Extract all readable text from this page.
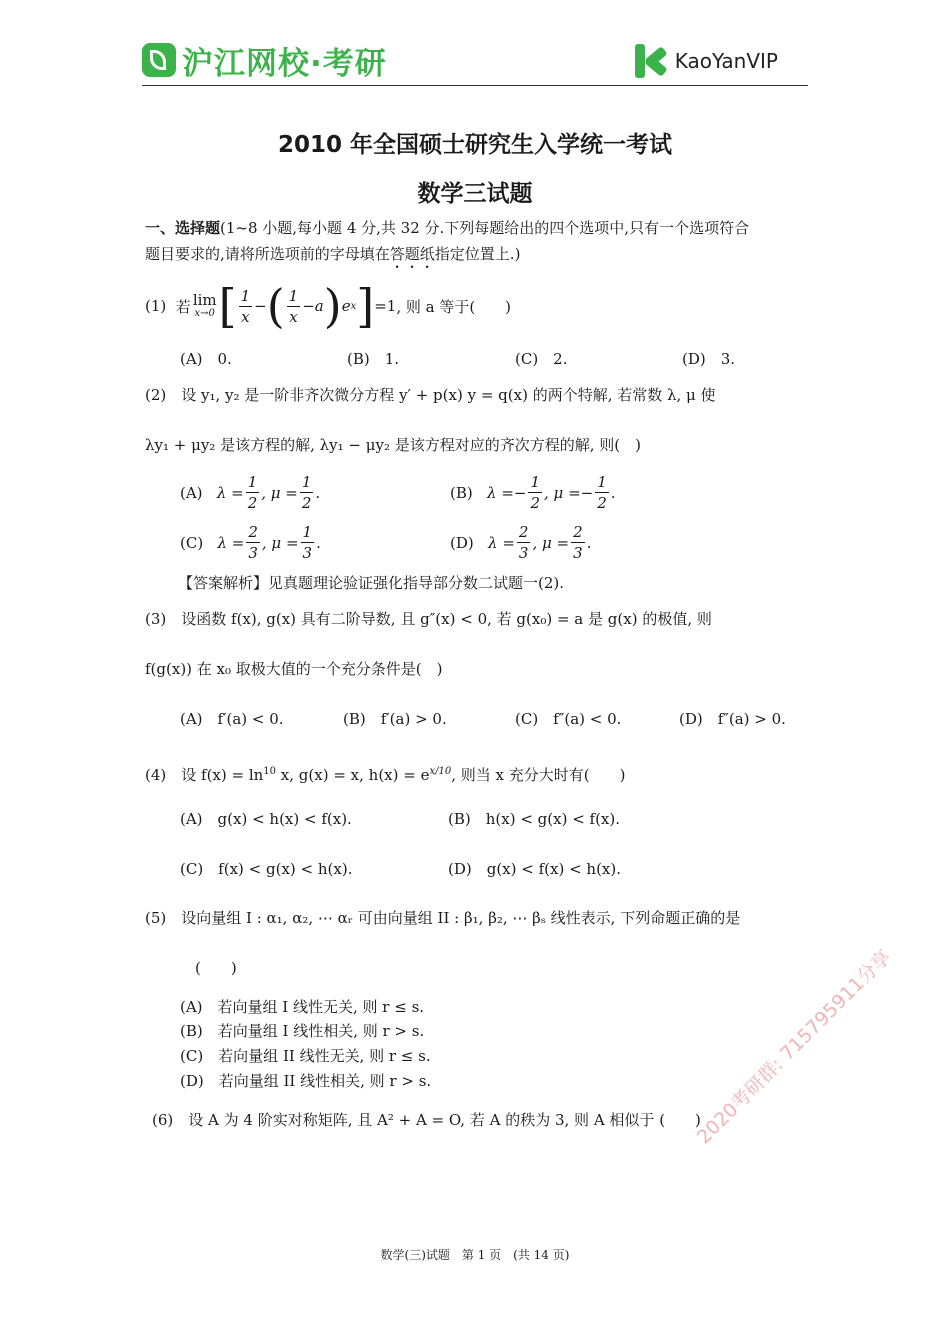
沪江网校·考研	KaoYanVIP
2010 年全国硕士研究生入学统一考试
数学三试题
一、选择题(1~8 小题,每小题 4 分,共 32 分.下列每题给出的四个选项中,只有一个选项符合
题目要求的,请将所选项前的字母填在答题纸指定位置上.)
(1)
若 lim
x→0 [ $\frac{1}{x}$ − ( $\frac{1}{x} - a$ ) e x ] =1 , 则 a 等于(　　)
(A)　0.	(B)　1.	(C)　2.	(D)　3.
(2)　设 y₁, y₂ 是一阶非齐次微分方程 y′ + p(x) y = q(x) 的两个特解, 若常数 λ, μ 使
λy₁ + μy₂ 是该方程的解, λy₁ − μy₂ 是该方程对应的齐次方程的解, 则(　)
(A)
$\lambda = \frac{1}{2}$ , $\mu = \frac{1}{2}$ .	(B)
λ = − $\frac{1}{2}$ , μ = − $\frac{1}{2}$ .
(C)
$\lambda = \frac{2}{3}$ , $\mu = \frac{1}{3}$ .	(D)
$\lambda = \frac{2}{3}$ , $\mu = \frac{2}{3}$ .
【答案解析】见真题理论验证强化指导部分数二试题一(2).
(3)　设函数 f(x), g(x) 具有二阶导数, 且 g″(x) < 0, 若 g(x₀) = a 是 g(x) 的极值, 则
f(g(x)) 在 x₀ 取极大值的一个充分条件是(　)
(A)　f′(a) < 0.	(B)　f′(a) > 0.	(C)　f″(a) < 0.	(D)　f″(a) > 0.
(4)　设 $f(x) = \ln^{10} x$, g(x) = x, $h(x) = e^{x/10}$, 则当 x 充分大时有(　　)
(A)　g(x) < h(x) < f(x).	(B)　h(x) < g(x) < f(x).
(C)　f(x) < g(x) < h(x).	(D)　g(x) < f(x) < h(x).
(5)　设向量组 I : α₁, α₂, ⋯ αᵣ 可由向量组 II : β₁, β₂, ⋯ βₛ 线性表示, 下列命题正确的是
(　　)
(A)　若向量组 I 线性无关, 则 r ≤ s.
(B)　若向量组 I 线性相关, 则 r > s.
(C)　若向量组 II 线性无关, 则 r ≤ s.
(D)　若向量组 II 线性相关, 则 r > s.
(6)　设 A 为 4 阶实对称矩阵, 且 A² + A = O, 若 A 的秩为 3, 则 A 相似于 (　　)
2020考研群: 715795911分享
数学(三)试题　第 1 页　(共 14 页)
